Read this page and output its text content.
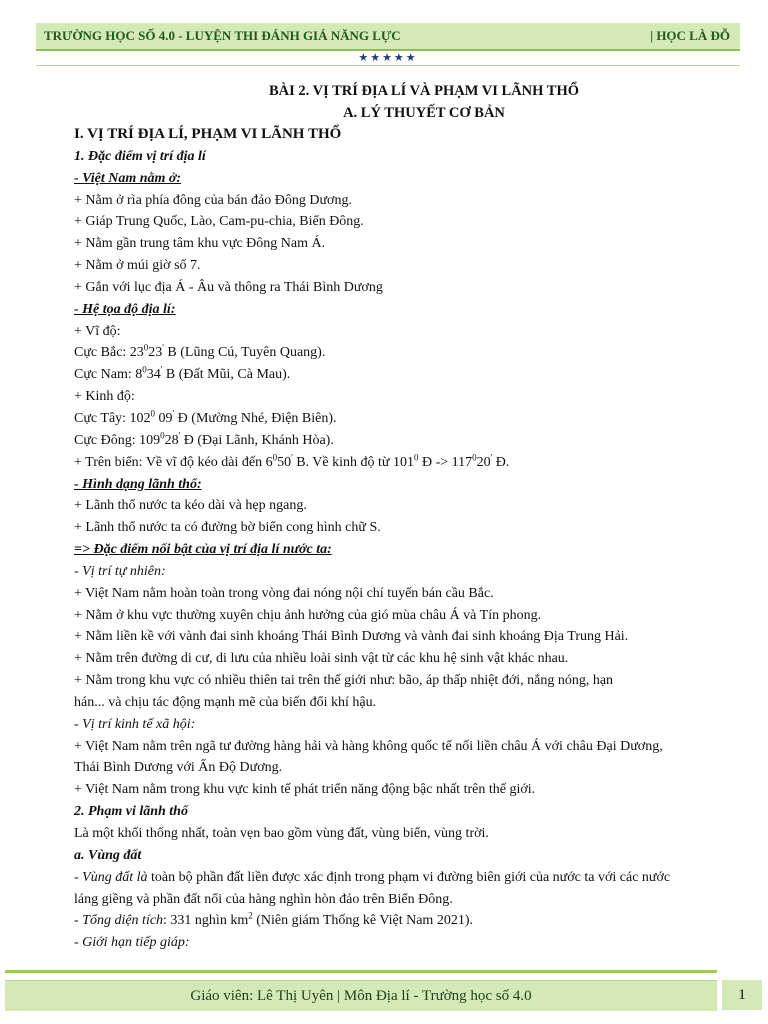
TRƯỜNG HỌC SỐ 4.0 - LUYỆN THI ĐÁNH GIÁ NĂNG LỰC	| HỌC LÀ ĐỖ
★★★★★
BÀI 2. VỊ TRÍ ĐỊA LÍ VÀ PHẠM VI LÃNH THỔ
A. LÝ THUYẾT CƠ BẢN
I. VỊ TRÍ ĐỊA LÍ, PHẠM VI LÃNH THỔ
1. Đặc điểm vị trí địa lí
- Việt Nam nằm ở:
+ Nằm ở rìa phía đông của bán đảo Đông Dương.
+ Giáp Trung Quốc, Lào, Cam-pu-chia, Biển Đông.
+ Nằm gần trung tâm khu vực Đông Nam Á.
+ Nằm ở múi giờ số 7.
+ Gắn với lục địa Á - Âu và thông ra Thái Bình Dương
- Hệ tọa độ địa lí:
+ Vĩ độ:
Cực Bắc: $23^023'$ B (Lũng Cú, Tuyên Quang).
Cực Nam: $8^034'$ B (Đất Mũi, Cà Mau).
+ Kinh độ:
Cực Tây: $102^0$ 09' Đ (Mường Nhé, Điện Biên).
Cực Đông: $109^028'$ Đ (Đại Lãnh, Khánh Hòa).
+ Trên biển: Về vĩ độ kéo dài đến $6^050'$ B. Về kinh độ từ $101^0$ Đ -> $117^020'$ Đ.
- Hình dạng lãnh thổ:
+ Lãnh thổ nước ta kéo dài và hẹp ngang.
+ Lãnh thổ nước ta có đường bờ biển cong hình chữ S.
=> Đặc điểm nổi bật của vị trí địa lí nước ta:
- Vị trí tự nhiên:
+ Việt Nam nằm hoàn toàn trong vòng đai nóng nội chí tuyến bán cầu Bắc.
+ Nằm ở khu vực thường xuyên chịu ảnh hưởng của gió mùa châu Á và Tín phong.
+ Nằm liền kề với vành đai sinh khoáng Thái Bình Dương và vành đai sinh khoáng Địa Trung Hải.
+ Nằm trên đường di cư, di lưu của nhiều loài sinh vật từ các khu hệ sinh vật khác nhau.
+ Nằm trong khu vực có nhiều thiên tai trên thế giới như: bão, áp thấp nhiệt đới, nắng nóng, hạn
hán... và chịu tác động mạnh mẽ của biến đổi khí hậu.
- Vị trí kinh tế xã hội:
+ Việt Nam nằm trên ngã tư đường hàng hải và hàng không quốc tế nối liền châu Á với châu Đại Dương,
Thái Bình Dương với Ấn Độ Dương.
+ Việt Nam nằm trong khu vực kinh tế phát triển năng động bậc nhất trên thế giới.
2. Phạm vi lãnh thổ
Là một khối thống nhất, toàn vẹn bao gồm vùng đất, vùng biển, vùng trời.
a. Vùng đất
- Vùng đất là toàn bộ phần đất liền được xác định trong phạm vi đường biên giới của nước ta với các nước
láng giềng và phần đất nổi của hàng nghìn hòn đảo trên Biển Đông.
- Tổng diện tích: 331 nghìn $km^2$ (Niên giám Thống kê Việt Nam 2021).
- Giới hạn tiếp giáp:
Giáo viên: Lê Thị Uyên | Môn Địa lí - Trường học số 4.0	1
